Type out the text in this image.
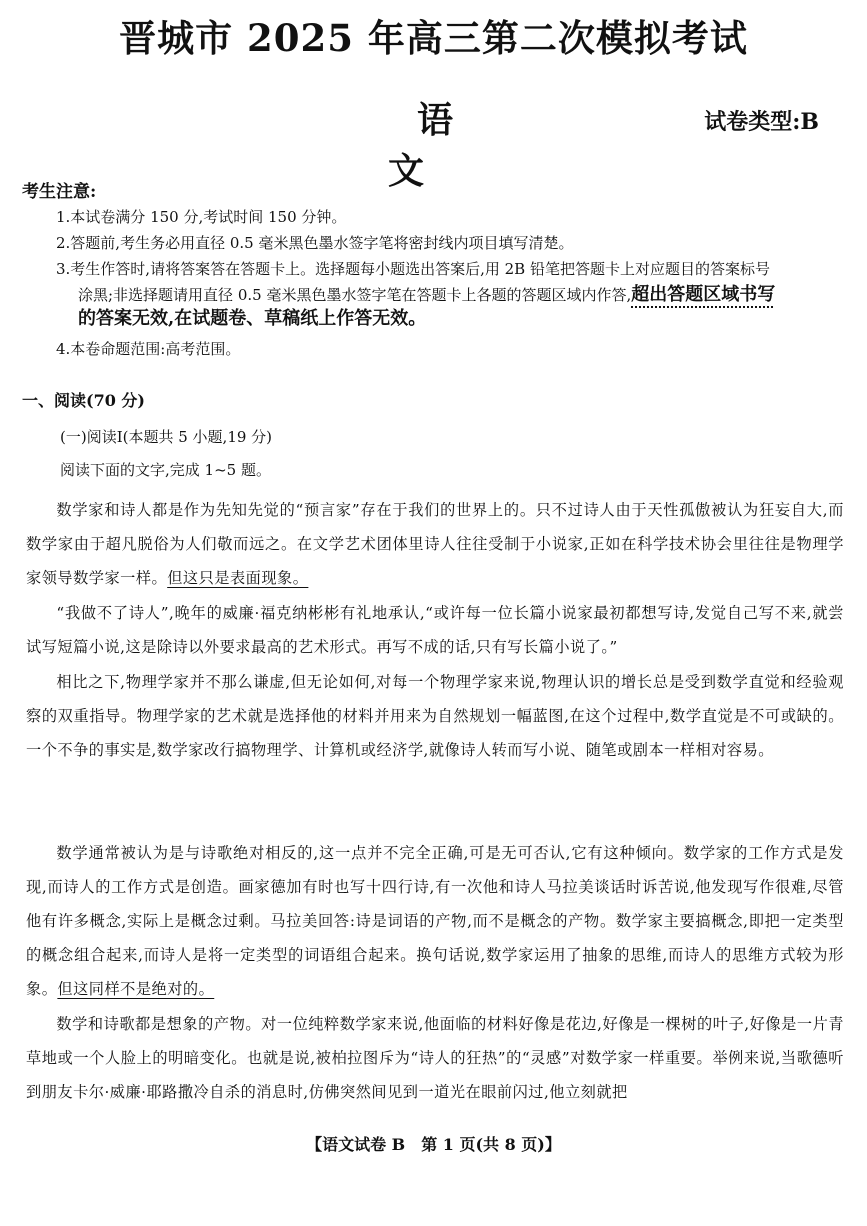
晋城市 2025 年高三第二次模拟考试
语文

试卷类型:B

考生注意:

1.本试卷满分 150 分,考试时间 150 分钟。

2.答题前,考生务必用直径 0.5 毫米黑色墨水签字笔将密封线内项目填写清楚。

3.考生作答时,请将答案答在答题卡上。选择题每小题选出答案后,用 2B 铅笔把答题卡上对应题目的答案标号

涂黑;非选择题请用直径 0.5 毫米黑色墨水签字笔在答题卡上各题的答题区域内作答,超出答题区域书写

的答案无效,在试题卷、草稿纸上作答无效。

4.本卷命题范围:高考范围。

一、阅读(70 分)

(一)阅读Ⅰ(本题共 5 小题,19 分)

阅读下面的文字,完成 1~5 题。

数学家和诗人都是作为先知先觉的“预言家”存在于我们的世界上的。只不过诗人由于天性孤傲被认为狂妄自大,而数学家由于超凡脱俗为人们敬而远之。在文学艺术团体里诗人往往受制于小说家,正如在科学技术协会里往往是物理学家领导数学家一样。但这只是表面现象。

“我做不了诗人”,晚年的威廉·福克纳彬彬有礼地承认,“或许每一位长篇小说家最初都想写诗,发觉自己写不来,就尝试写短篇小说,这是除诗以外要求最高的艺术形式。再写不成的话,只有写长篇小说了。”

相比之下,物理学家并不那么谦虚,但无论如何,对每一个物理学家来说,物理认识的增长总是受到数学直觉和经验观察的双重指导。物理学家的艺术就是选择他的材料并用来为自然规划一幅蓝图,在这个过程中,数学直觉是不可或缺的。一个不争的事实是,数学家改行搞物理学、计算机或经济学,就像诗人转而写小说、随笔或剧本一样相对容易。

数学通常被认为是与诗歌绝对相反的,这一点并不完全正确,可是无可否认,它有这种倾向。数学家的工作方式是发现,而诗人的工作方式是创造。画家德加有时也写十四行诗,有一次他和诗人马拉美谈话时诉苦说,他发现写作很难,尽管他有许多概念,实际上是概念过剩。马拉美回答:诗是词语的产物,而不是概念的产物。数学家主要搞概念,即把一定类型的概念组合起来,而诗人是将一定类型的词语组合起来。换句话说,数学家运用了抽象的思维,而诗人的思维方式较为形象。但这同样不是绝对的。

数学和诗歌都是想象的产物。对一位纯粹数学家来说,他面临的材料好像是花边,好像是一棵树的叶子,好像是一片青草地或一个人脸上的明暗变化。也就是说,被柏拉图斥为“诗人的狂热”的“灵感”对数学家一样重要。举例来说,当歌德听到朋友卡尔·威廉·耶路撒冷自杀的消息时,仿佛突然间见到一道光在眼前闪过,他立刻就把

【语文试卷 B　第 1 页(共 8 页)】
